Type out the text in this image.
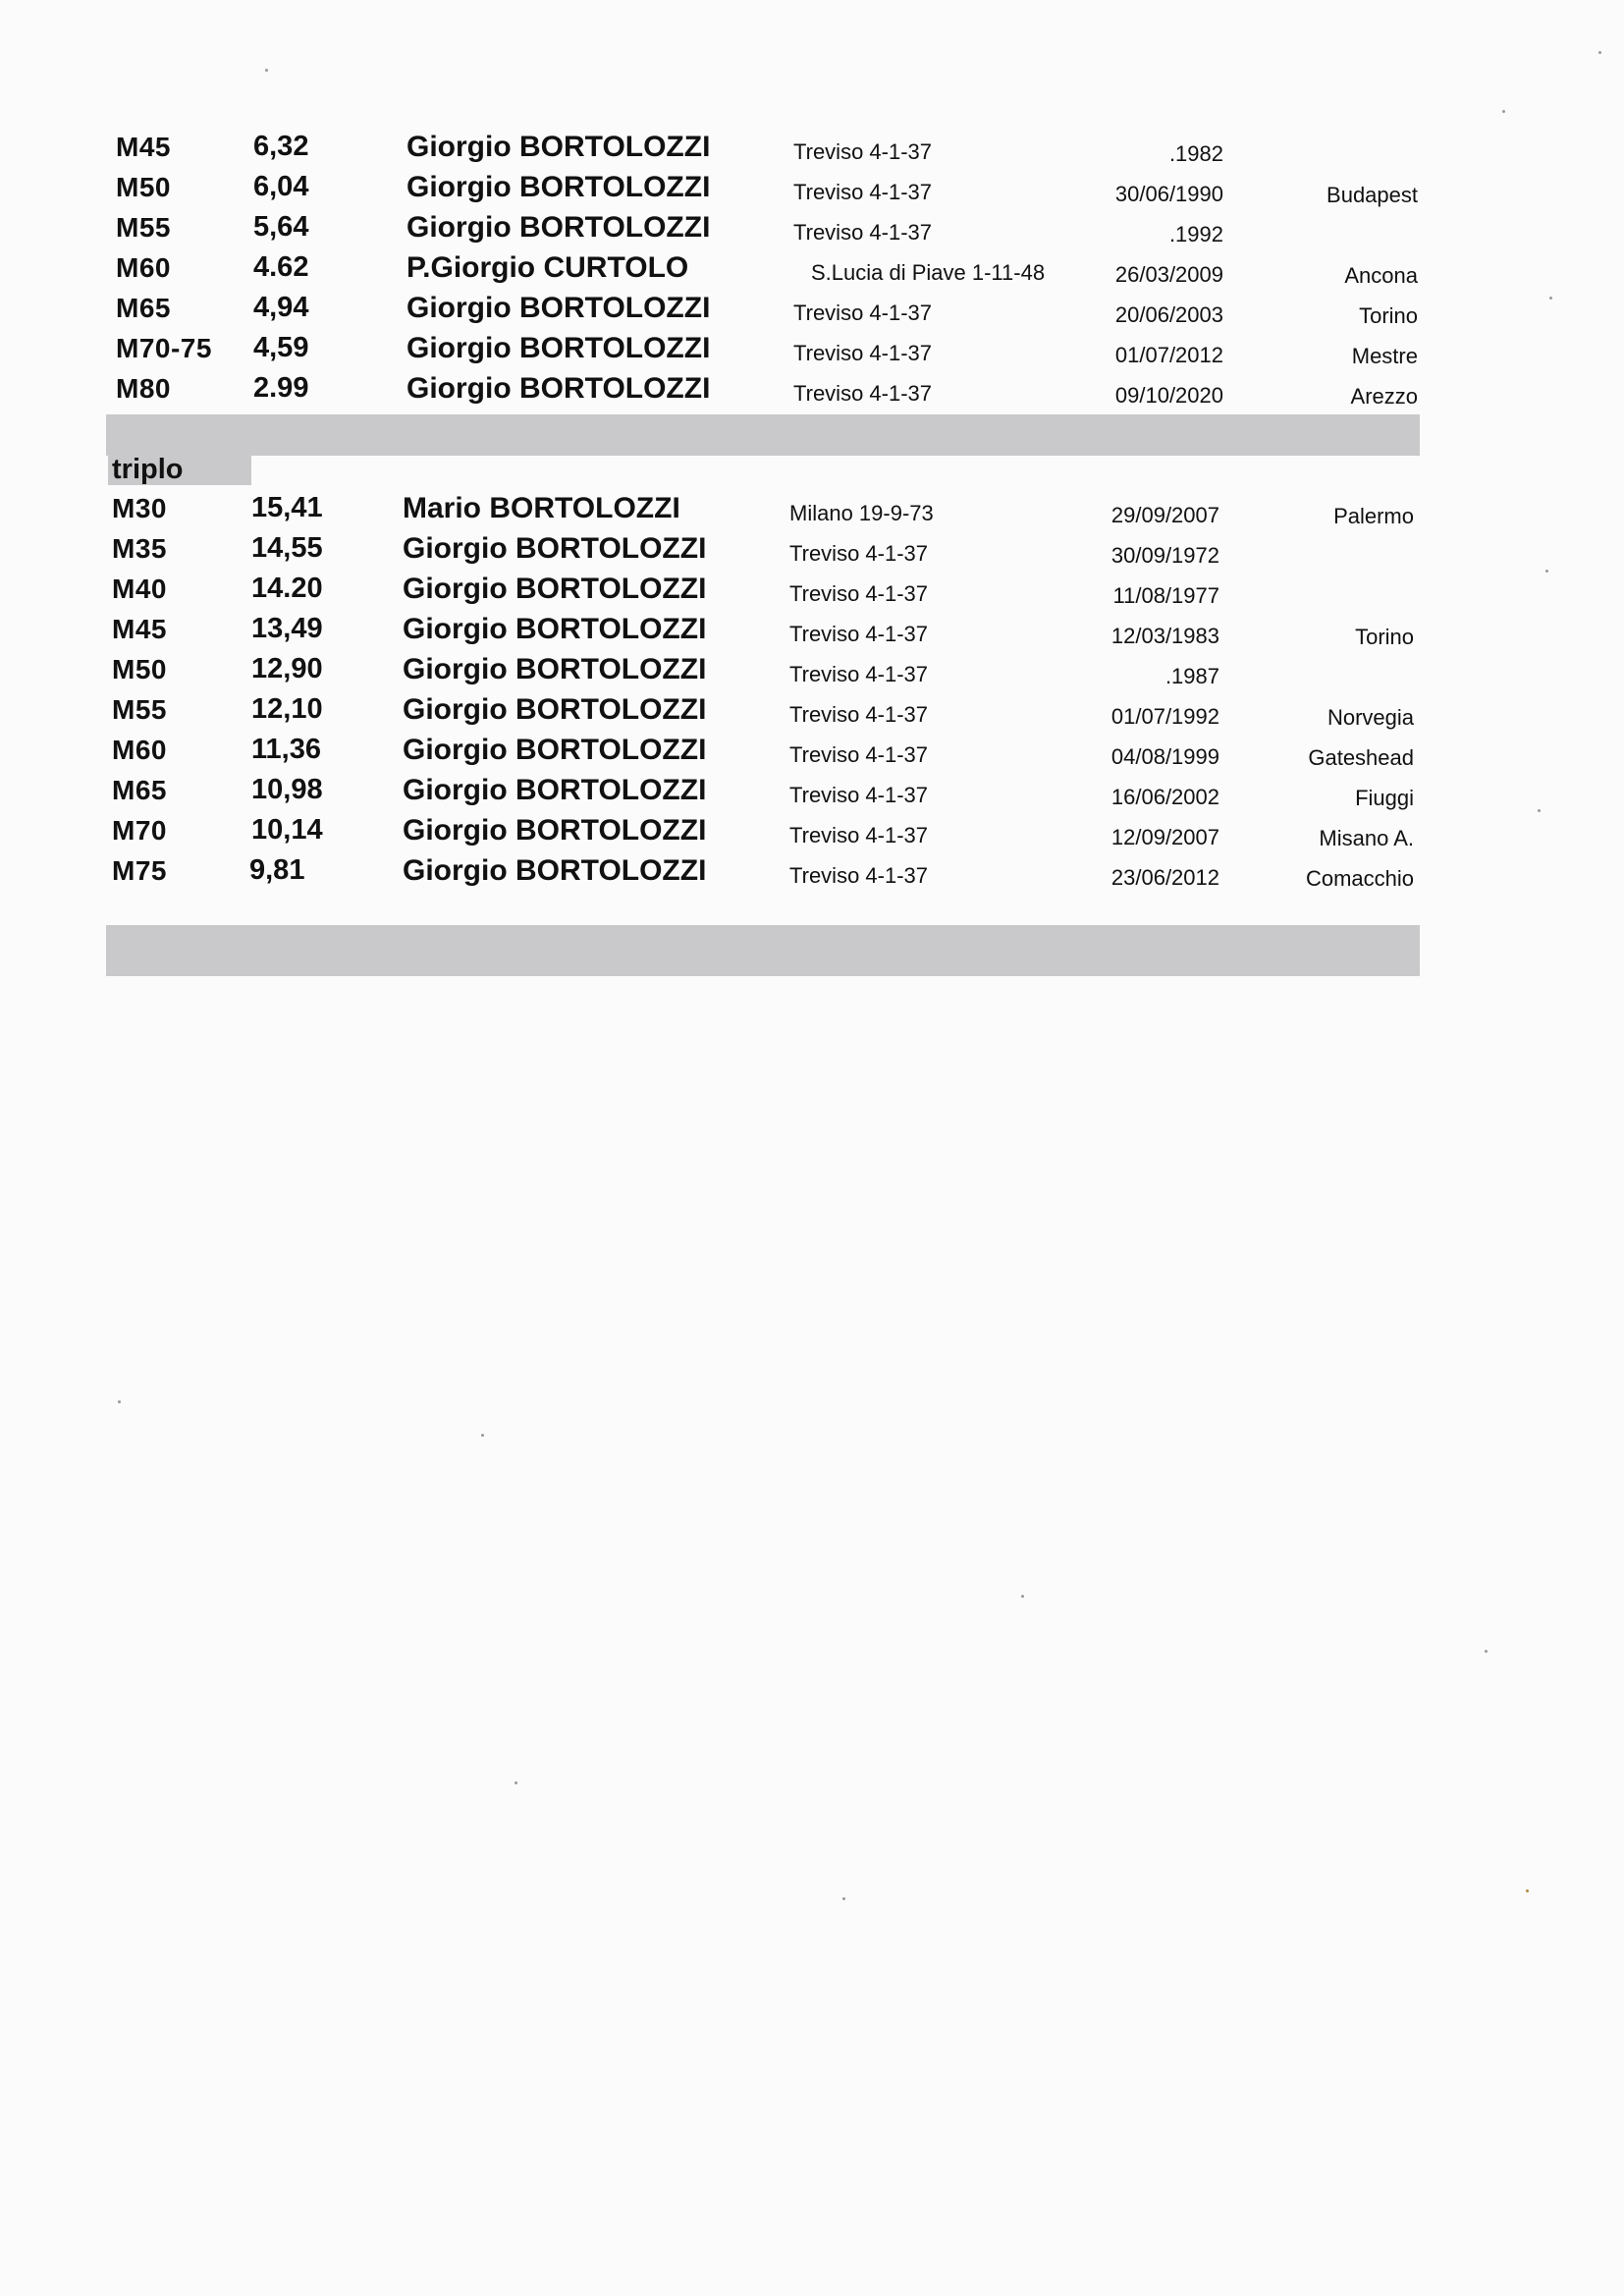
M45	6,32	Giorgio BORTOLOZZI	Treviso 4-1-37	.1982
M50	6,04	Giorgio BORTOLOZZI	Treviso 4-1-37	30/06/1990	Budapest
M55	5,64	Giorgio BORTOLOZZI	Treviso 4-1-37	.1992
M60	4.62	P.Giorgio CURTOLO	S.Lucia di Piave 1-11-48	26/03/2009	Ancona
M65	4,94	Giorgio BORTOLOZZI	Treviso 4-1-37	20/06/2003	Torino
M70-75 4,59	Giorgio BORTOLOZZI	Treviso 4-1-37	01/07/2012	Mestre
M80	2.99	Giorgio BORTOLOZZI	Treviso 4-1-37	09/10/2020	Arezzo
triplo
M30	15,41	Mario BORTOLOZZI	Milano 19-9-73	29/09/2007	Palermo
M35	14,55	Giorgio BORTOLOZZI	Treviso 4-1-37	30/09/1972
M40	14.20	Giorgio BORTOLOZZI	Treviso 4-1-37	11/08/1977
M45	13,49	Giorgio BORTOLOZZI	Treviso 4-1-37	12/03/1983	Torino
M50	12,90	Giorgio BORTOLOZZI	Treviso 4-1-37	.1987
M55	12,10	Giorgio BORTOLOZZI	Treviso 4-1-37	01/07/1992	Norvegia
M60	11,36	Giorgio BORTOLOZZI	Treviso 4-1-37	04/08/1999	Gateshead
M65	10,98	Giorgio BORTOLOZZI	Treviso 4-1-37	16/06/2002	Fiuggi
M70	10,14	Giorgio BORTOLOZZI	Treviso 4-1-37	12/09/2007	Misano A.
M75	9,81	Giorgio BORTOLOZZI	Treviso 4-1-37	23/06/2012	Comacchio
